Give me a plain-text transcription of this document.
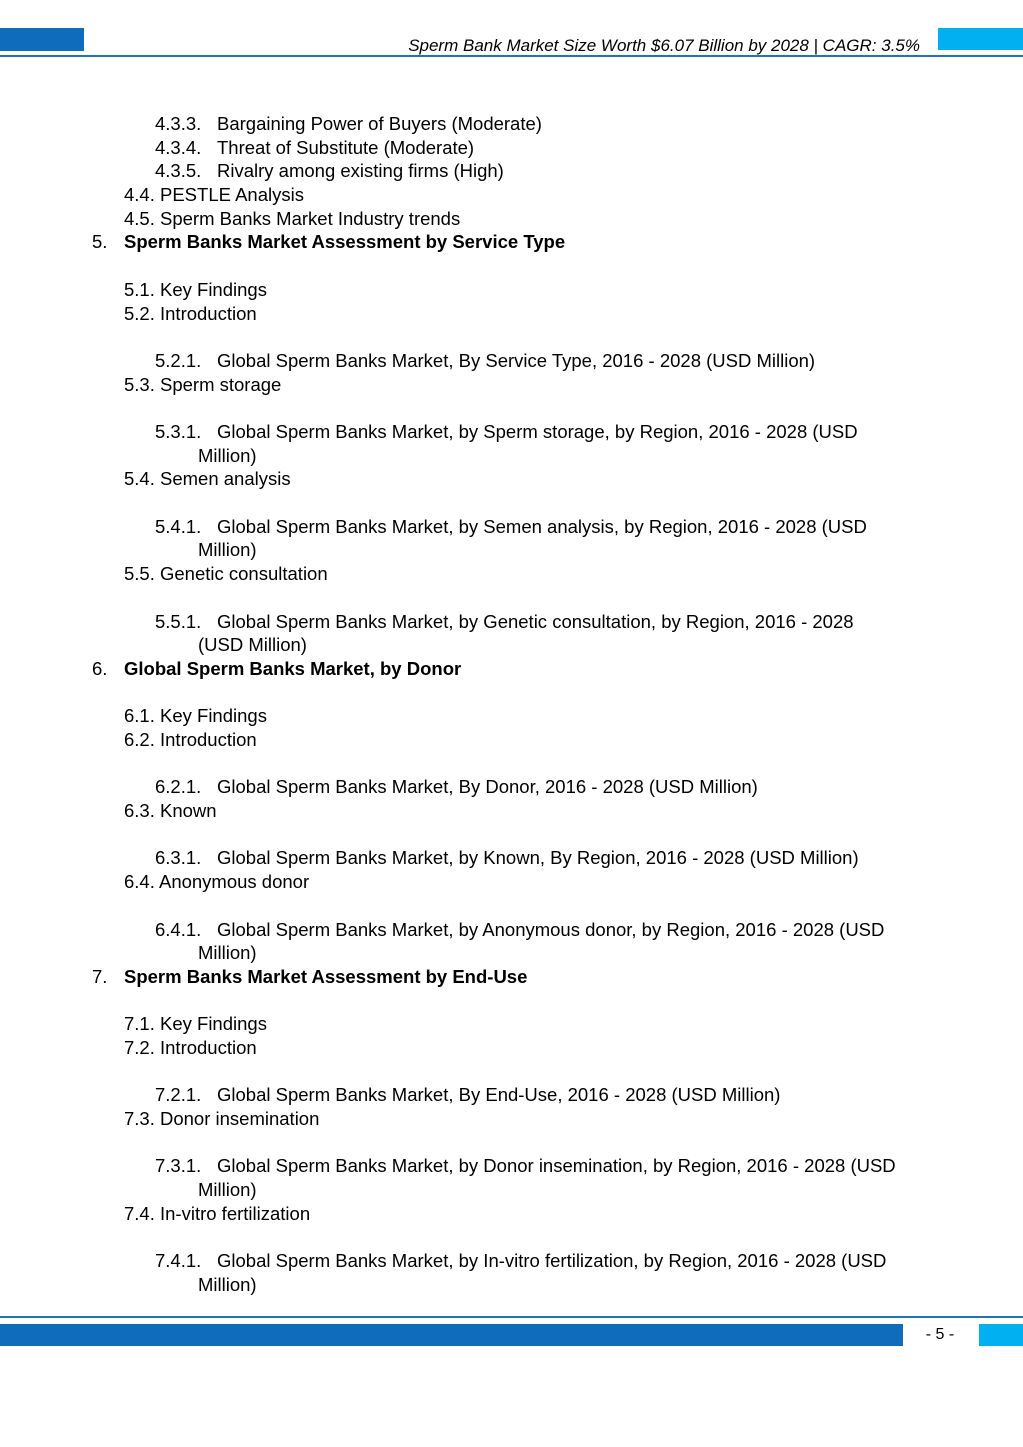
Sperm Bank Market Size Worth $6.07 Billion by 2028 | CAGR: 3.5%
4.3.3. Bargaining Power of Buyers (Moderate)
4.3.4. Threat of Substitute (Moderate)
4.3.5. Rivalry among existing firms (High)
4.4. PESTLE Analysis
4.5. Sperm Banks Market Industry trends
5. Sperm Banks Market Assessment by Service Type
5.1. Key Findings
5.2. Introduction
5.2.1. Global Sperm Banks Market, By Service Type, 2016 - 2028 (USD Million)
5.3. Sperm storage
5.3.1. Global Sperm Banks Market, by Sperm storage, by Region, 2016 - 2028 (USD
Million)
5.4. Semen analysis
5.4.1. Global Sperm Banks Market, by Semen analysis, by Region, 2016 - 2028 (USD
Million)
5.5. Genetic consultation
5.5.1. Global Sperm Banks Market, by Genetic consultation, by Region, 2016 - 2028
(USD Million)
6. Global Sperm Banks Market, by Donor
6.1. Key Findings
6.2. Introduction
6.2.1. Global Sperm Banks Market, By Donor, 2016 - 2028 (USD Million)
6.3. Known
6.3.1. Global Sperm Banks Market, by Known, By Region, 2016 - 2028 (USD Million)
6.4. Anonymous donor
6.4.1. Global Sperm Banks Market, by Anonymous donor, by Region, 2016 - 2028 (USD
Million)
7. Sperm Banks Market Assessment by End-Use
7.1. Key Findings
7.2. Introduction
7.2.1. Global Sperm Banks Market, By End-Use, 2016 - 2028 (USD Million)
7.3. Donor insemination
7.3.1. Global Sperm Banks Market, by Donor insemination, by Region, 2016 - 2028 (USD
Million)
7.4. In-vitro fertilization
7.4.1. Global Sperm Banks Market, by In-vitro fertilization, by Region, 2016 - 2028 (USD
Million)
- 5 -
